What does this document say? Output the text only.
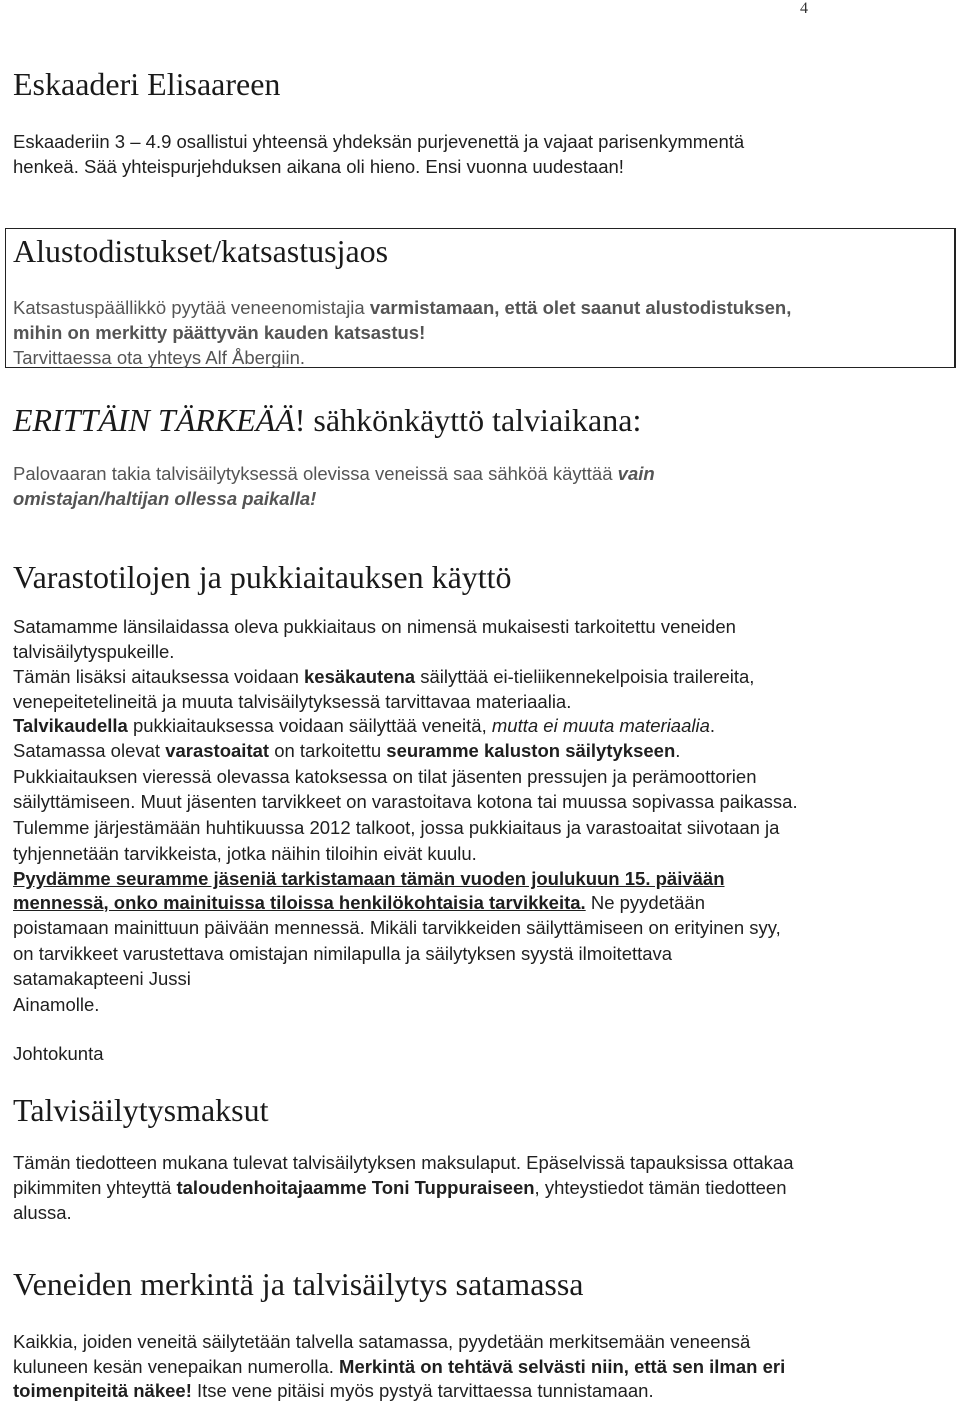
4
Eskaaderi Elisaareen

Eskaaderiin 3 – 4.9 osallistui yhteensä yhdeksän purjevenettä ja vajaat parisenkymmentä

henkeä. Sää yhteispurjehduksen aikana oli hieno. Ensi vuonna uudestaan!

Alustodistukset/katsastusjaos

Katsastuspäällikkö pyytää veneenomistajia varmistamaan, että olet saanut alustodistuksen,

mihin on merkitty päättyvän kauden katsastus!

Tarvittaessa ota yhteys Alf Åbergiin.

ERITTÄIN TÄRKEÄÄ! sähkönkäyttö talviaikana:

Palovaaran takia talvisäilytyksessä olevissa veneissä saa sähköä käyttää vain

omistajan/haltijan ollessa paikalla!

Varastotilojen ja pukkiaitauksen käyttö

Satamamme länsilaidassa oleva pukkiaitaus on nimensä mukaisesti tarkoitettu veneiden

talvisäilytyspukeille.

Tämän lisäksi aitauksessa voidaan kesäkautena säilyttää ei-tieliikennekelpoisia trailereita,

venepeitetelineitä ja muuta talvisäilytyksessä tarvittavaa materiaalia.

Talvikaudella pukkiaitauksessa voidaan säilyttää veneitä, mutta ei muuta materiaalia.

Satamassa olevat varastoaitat on tarkoitettu seuramme kaluston säilytykseen.

Pukkiaitauksen vieressä olevassa katoksessa on tilat jäsenten pressujen ja perämoottorien

säilyttämiseen. Muut jäsenten tarvikkeet on varastoitava kotona tai muussa sopivassa paikassa.

Tulemme järjestämään huhtikuussa 2012 talkoot, jossa pukkiaitaus ja varastoaitat siivotaan ja

tyhjennetään tarvikkeista, jotka näihin tiloihin eivät kuulu.

Pyydämme seuramme jäseniä tarkistamaan tämän vuoden joulukuun 15. päivään

mennessä, onko mainituissa tiloissa henkilökohtaisia tarvikkeita. Ne pyydetään

poistamaan mainittuun päivään mennessä. Mikäli tarvikkeiden säilyttämiseen on erityinen syy,

on tarvikkeet varustettava omistajan nimilapulla ja säilytyksen syystä ilmoitettava

satamakapteeni Jussi

Ainamolle.

Johtokunta

Talvisäilytysmaksut

Tämän tiedotteen mukana tulevat talvisäilytyksen maksulaput. Epäselvissä tapauksissa ottakaa

pikimmiten yhteyttä taloudenhoitajaamme Toni Tuppuraiseen, yhteystiedot tämän tiedotteen

alussa.

Veneiden merkintä ja talvisäilytys satamassa

Kaikkia, joiden veneitä säilytetään talvella satamassa, pyydetään merkitsemään veneensä

kuluneen kesän venepaikan numerolla. Merkintä on tehtävä selvästi niin, että sen ilman eri

toimenpiteitä näkee! Itse vene pitäisi myös pystyä tarvittaessa tunnistamaan.
